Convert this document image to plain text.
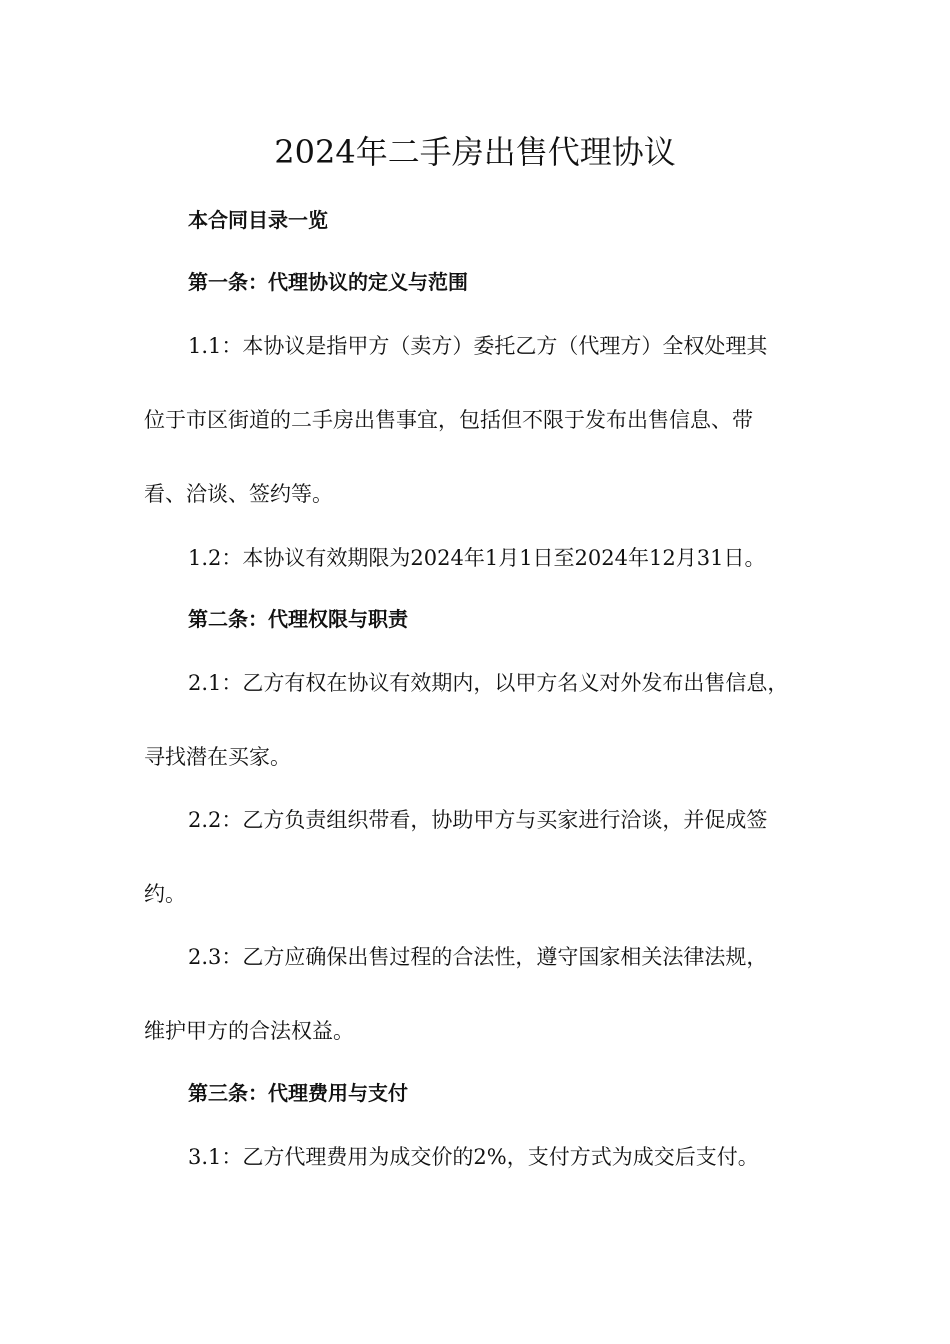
2024年二手房出售代理协议

本合同目录一览

第一条：代理协议的定义与范围

1.1：本协议是指甲方（卖方）委托乙方（代理方）全权处理其

位于市区街道的二手房出售事宜，包括但不限于发布出售信息、带

看、洽谈、签约等。

1.2：本协议有效期限为2024年1月1日至2024年12月31日。

第二条：代理权限与职责

2.1：乙方有权在协议有效期内，以甲方名义对外发布出售信息，

寻找潜在买家。

2.2：乙方负责组织带看，协助甲方与买家进行洽谈，并促成签

约。

2.3：乙方应确保出售过程的合法性，遵守国家相关法律法规，

维护甲方的合法权益。

第三条：代理费用与支付

3.1：乙方代理费用为成交价的2%，支付方式为成交后支付。
